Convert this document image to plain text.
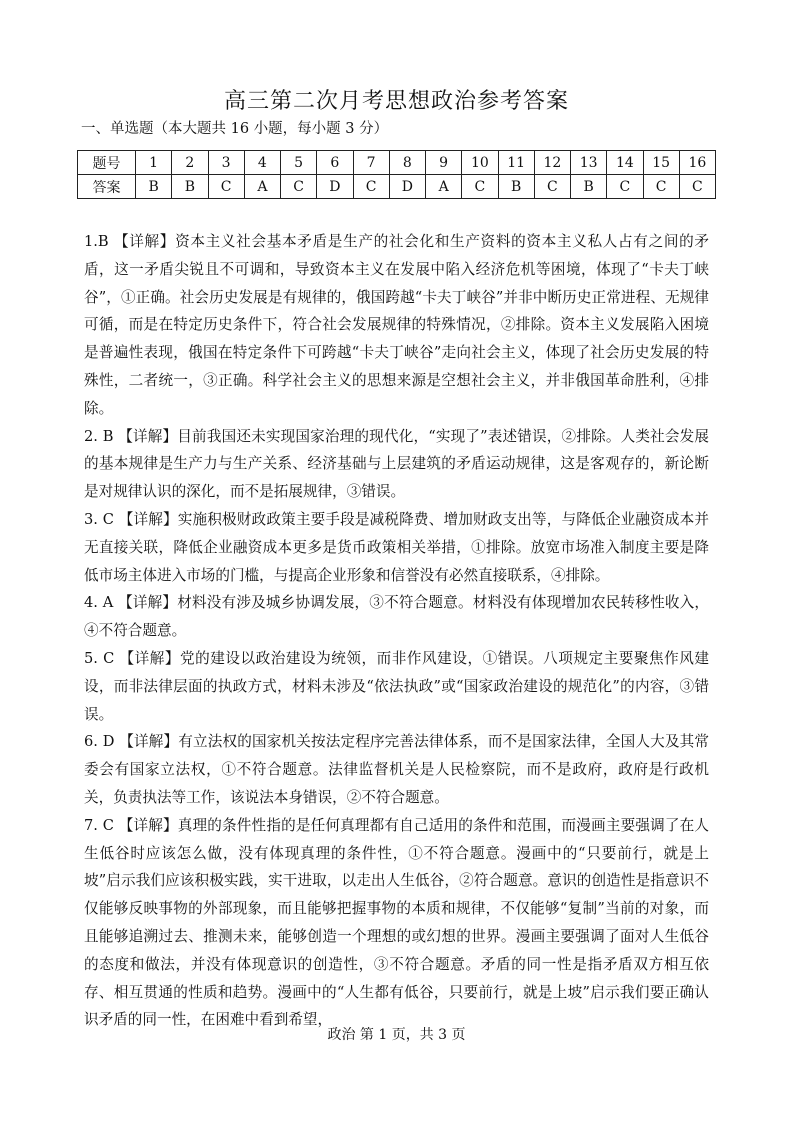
高三第二次月考思想政治参考答案

一、单选题（本大题共 16 小题，每小题 3 分）

题号	1	2	3	4	5	6	7	8	9	10	11	12	13	14	15	16
答案	B	B	C	A	C	D	C	D	A	C	B	C	B	C	C	C

1.B 【详解】资本主义社会基本矛盾是生产的社会化和生产资料的资本主义私人占有之间的矛盾，这一矛盾尖锐且不可调和，导致资本主义在发展中陷入经济危机等困境，体现了“卡夫丁峡谷”，①正确。社会历史发展是有规律的，俄国跨越“卡夫丁峡谷”并非中断历史正常进程、无规律可循，而是在特定历史条件下，符合社会发展规律的特殊情况，②排除。资本主义发展陷入困境是普遍性表现，俄国在特定条件下可跨越“卡夫丁峡谷”走向社会主义，体现了社会历史发展的特殊性，二者统一，③正确。科学社会主义的思想来源是空想社会主义，并非俄国革命胜利，④排除。

2. B 【详解】目前我国还未实现国家治理的现代化，“实现了”表述错误，②排除。人类社会发展的基本规律是生产力与生产关系、经济基础与上层建筑的矛盾运动规律，这是客观存的，新论断是对规律认识的深化，而不是拓展规律，③错误。

3. C 【详解】实施积极财政政策主要手段是减税降费、增加财政支出等，与降低企业融资成本并无直接关联，降低企业融资成本更多是货币政策相关举措，①排除。放宽市场准入制度主要是降低市场主体进入市场的门槛，与提高企业形象和信誉没有必然直接联系，④排除。

4. A 【详解】材料没有涉及城乡协调发展，③不符合题意。材料没有体现增加农民转移性收入，④不符合题意。

5. C 【详解】党的建设以政治建设为统领，而非作风建设，①错误。八项规定主要聚焦作风建设，而非法律层面的执政方式，材料未涉及“依法执政”或“国家政治建设的规范化”的内容，③错误。

6. D 【详解】有立法权的国家机关按法定程序完善法律体系，而不是国家法律，全国人大及其常委会有国家立法权，①不符合题意。法律监督机关是人民检察院，而不是政府，政府是行政机关，负责执法等工作，该说法本身错误，②不符合题意。

7. C 【详解】真理的条件性指的是任何真理都有自己适用的条件和范围，而漫画主要强调了在人生低谷时应该怎么做，没有体现真理的条件性，①不符合题意。漫画中的“只要前行，就是上坡”启示我们应该积极实践，实干进取，以走出人生低谷，②符合题意。意识的创造性是指意识不仅能够反映事物的外部现象，而且能够把握事物的本质和规律，不仅能够“复制”当前的对象，而且能够追溯过去、推测未来，能够创造一个理想的或幻想的世界。漫画主要强调了面对人生低谷的态度和做法，并没有体现意识的创造性，③不符合题意。矛盾的同一性是指矛盾双方相互依存、相互贯通的性质和趋势。漫画中的“人生都有低谷，只要前行，就是上坡”启示我们要正确认识矛盾的同一性，在困难中看到希望，

政治 第 1 页，共 3 页
